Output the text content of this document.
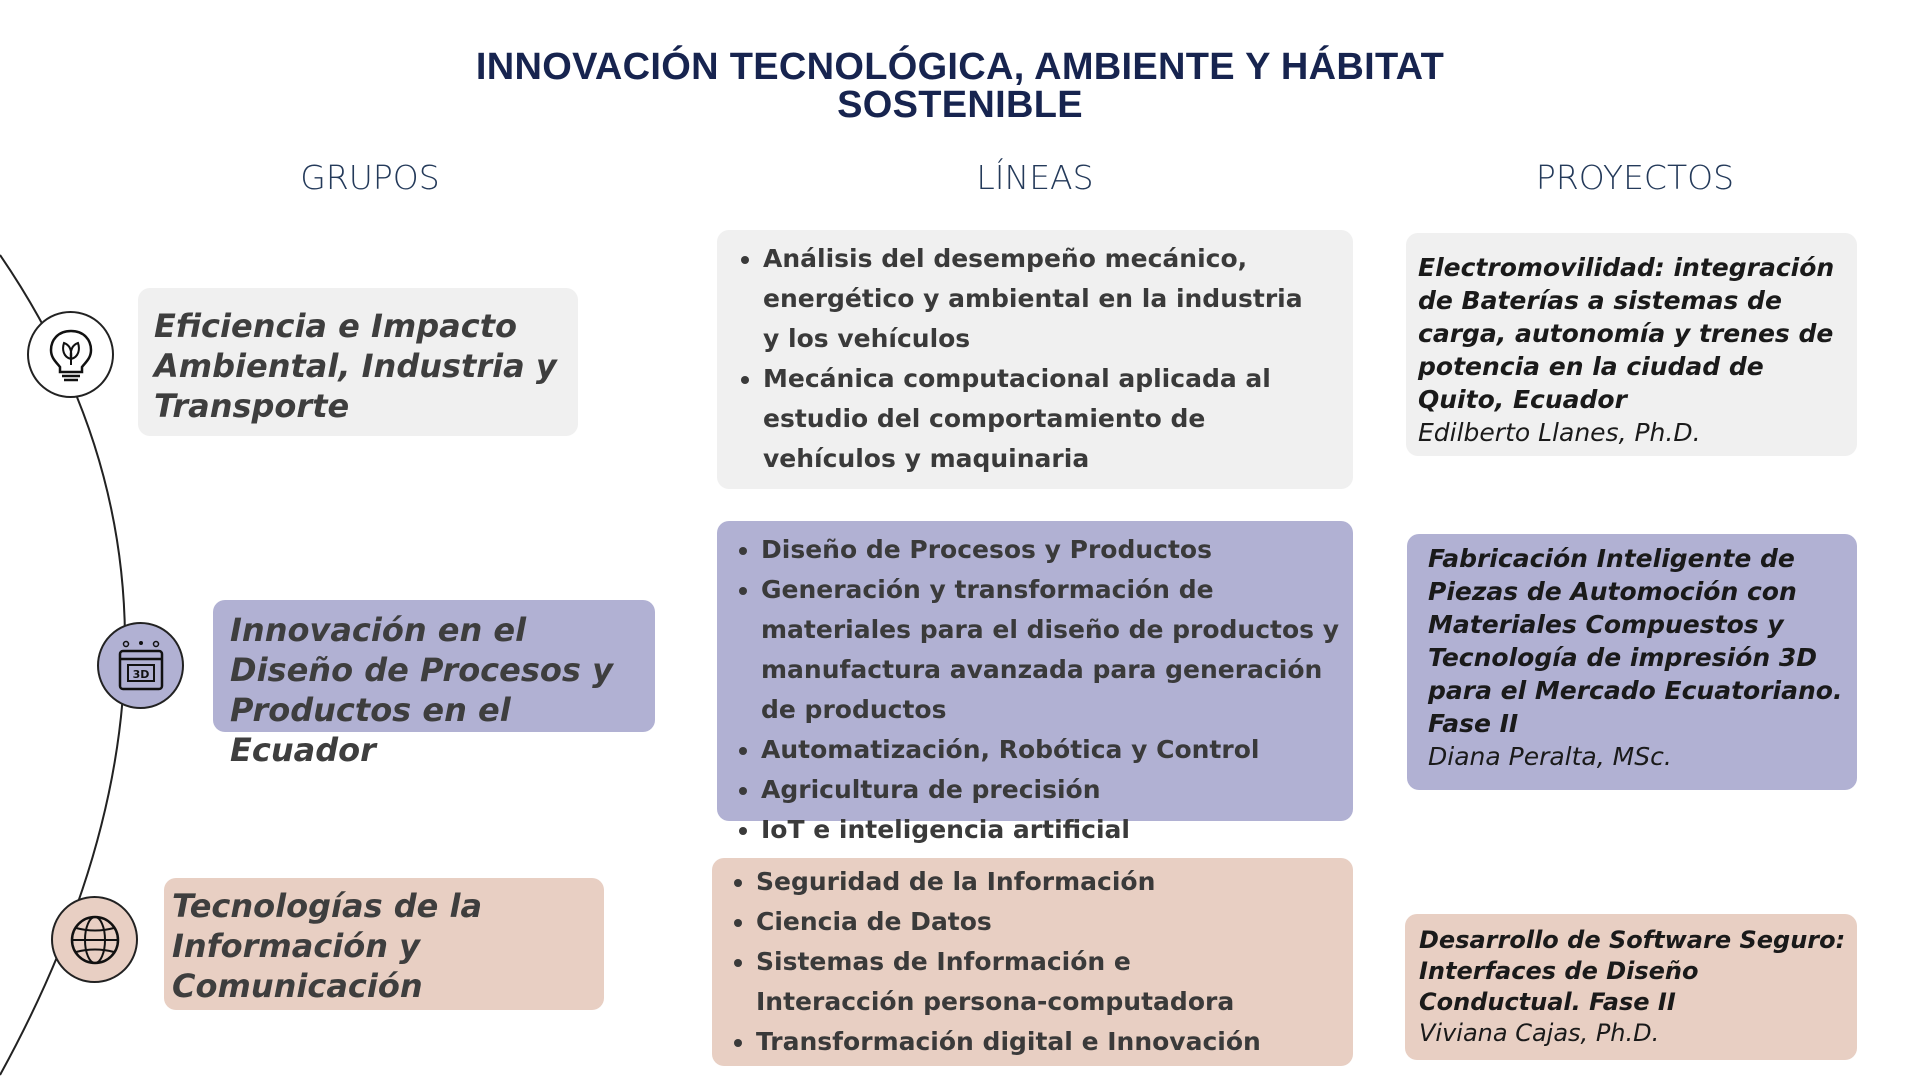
INNOVACIÓN TECNOLÓGICA, AMBIENTE Y HÁBITAT
SOSTENIBLE
GRUPOS	LÍNEAS	PROYECTOS
3D
Eficiencia e Impacto Ambiental, Industria y Transporte
Innovación en el Diseño de Procesos y Productos en el Ecuador
Tecnologías de la Información y Comunicación
• Análisis del desempeño mecánico, energético y ambiental en la industria y los vehículos
• Mecánica computacional aplicada al estudio del comportamiento de vehículos y maquinaria
• Diseño de Procesos y Productos
• Generación y transformación de materiales para el diseño de productos y manufactura avanzada para generación de productos
• Automatización, Robótica y Control
• Agricultura de precisión
• IoT e inteligencia artificial
• Seguridad de la Información
• Ciencia de Datos
• Sistemas de Información e Interacción persona-computadora
• Transformación digital e Innovación
Electromovilidad: integración de Baterías a sistemas de carga, autonomía y trenes de potencia en la ciudad de Quito, Ecuador
Edilberto Llanes, Ph.D.
Fabricación Inteligente de Piezas de Automoción con Materiales Compuestos y Tecnología de impresión 3D para el Mercado Ecuatoriano. Fase II
Diana Peralta, MSc.
Desarrollo de Software Seguro: Interfaces de Diseño Conductual. Fase II
Viviana Cajas, Ph.D.
